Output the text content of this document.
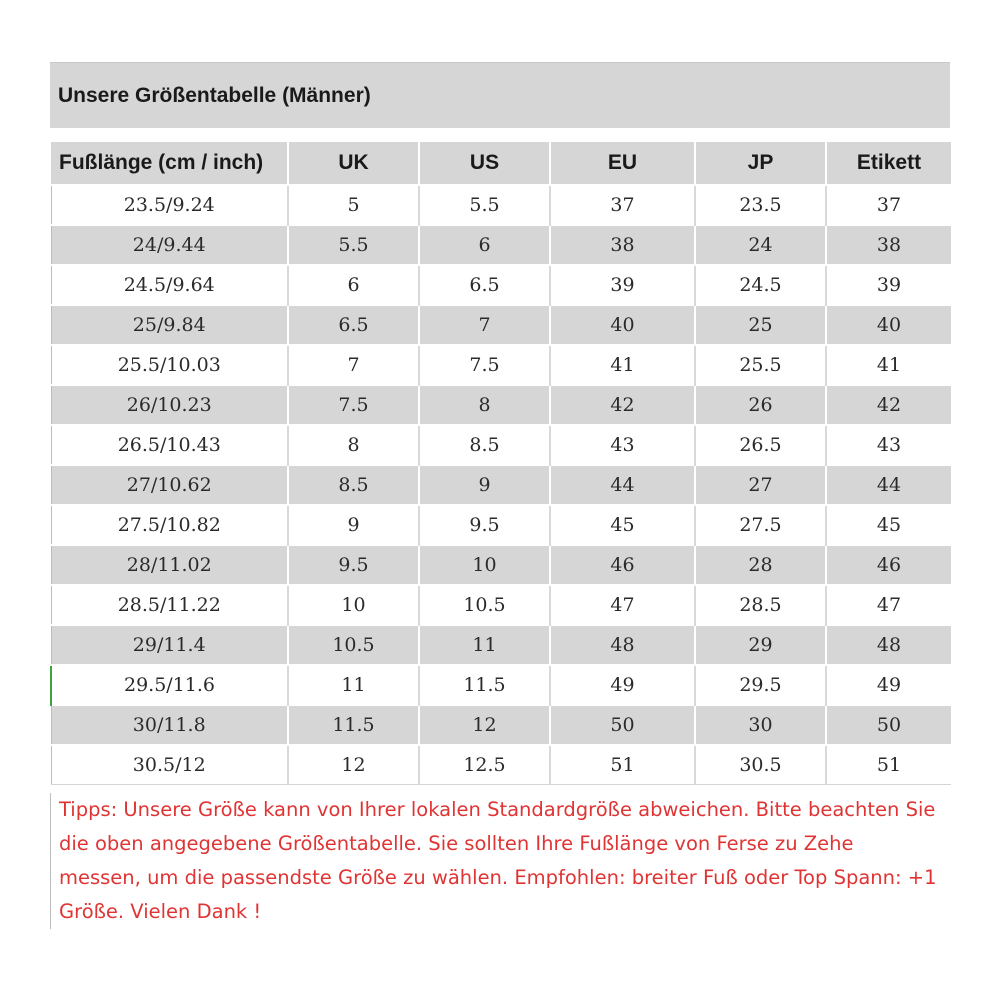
Unsere Größentabelle (Männer)
Fußlänge (cm / inch)	UK	US	EU	JP	Etikett
23.5/9.24	5	5.5	37	23.5	37
24/9.44	5.5	6	38	24	38
24.5/9.64	6	6.5	39	24.5	39
25/9.84	6.5	7	40	25	40
25.5/10.03	7	7.5	41	25.5	41
26/10.23	7.5	8	42	26	42
26.5/10.43	8	8.5	43	26.5	43
27/10.62	8.5	9	44	27	44
27.5/10.82	9	9.5	45	27.5	45
28/11.02	9.5	10	46	28	46
28.5/11.22	10	10.5	47	28.5	47
29/11.4	10.5	11	48	29	48
29.5/11.6	11	11.5	49	29.5	49
30/11.8	11.5	12	50	30	50
30.5/12	12	12.5	51	30.5	51
Tipps: Unsere Größe kann von Ihrer lokalen Standardgröße abweichen. Bitte beachten Sie die oben angegebene Größentabelle. Sie sollten Ihre Fußlänge von Ferse zu Zehe messen, um die passendste Größe zu wählen. Empfohlen: breiter Fuß oder Top Spann: +1 Größe. Vielen Dank !
